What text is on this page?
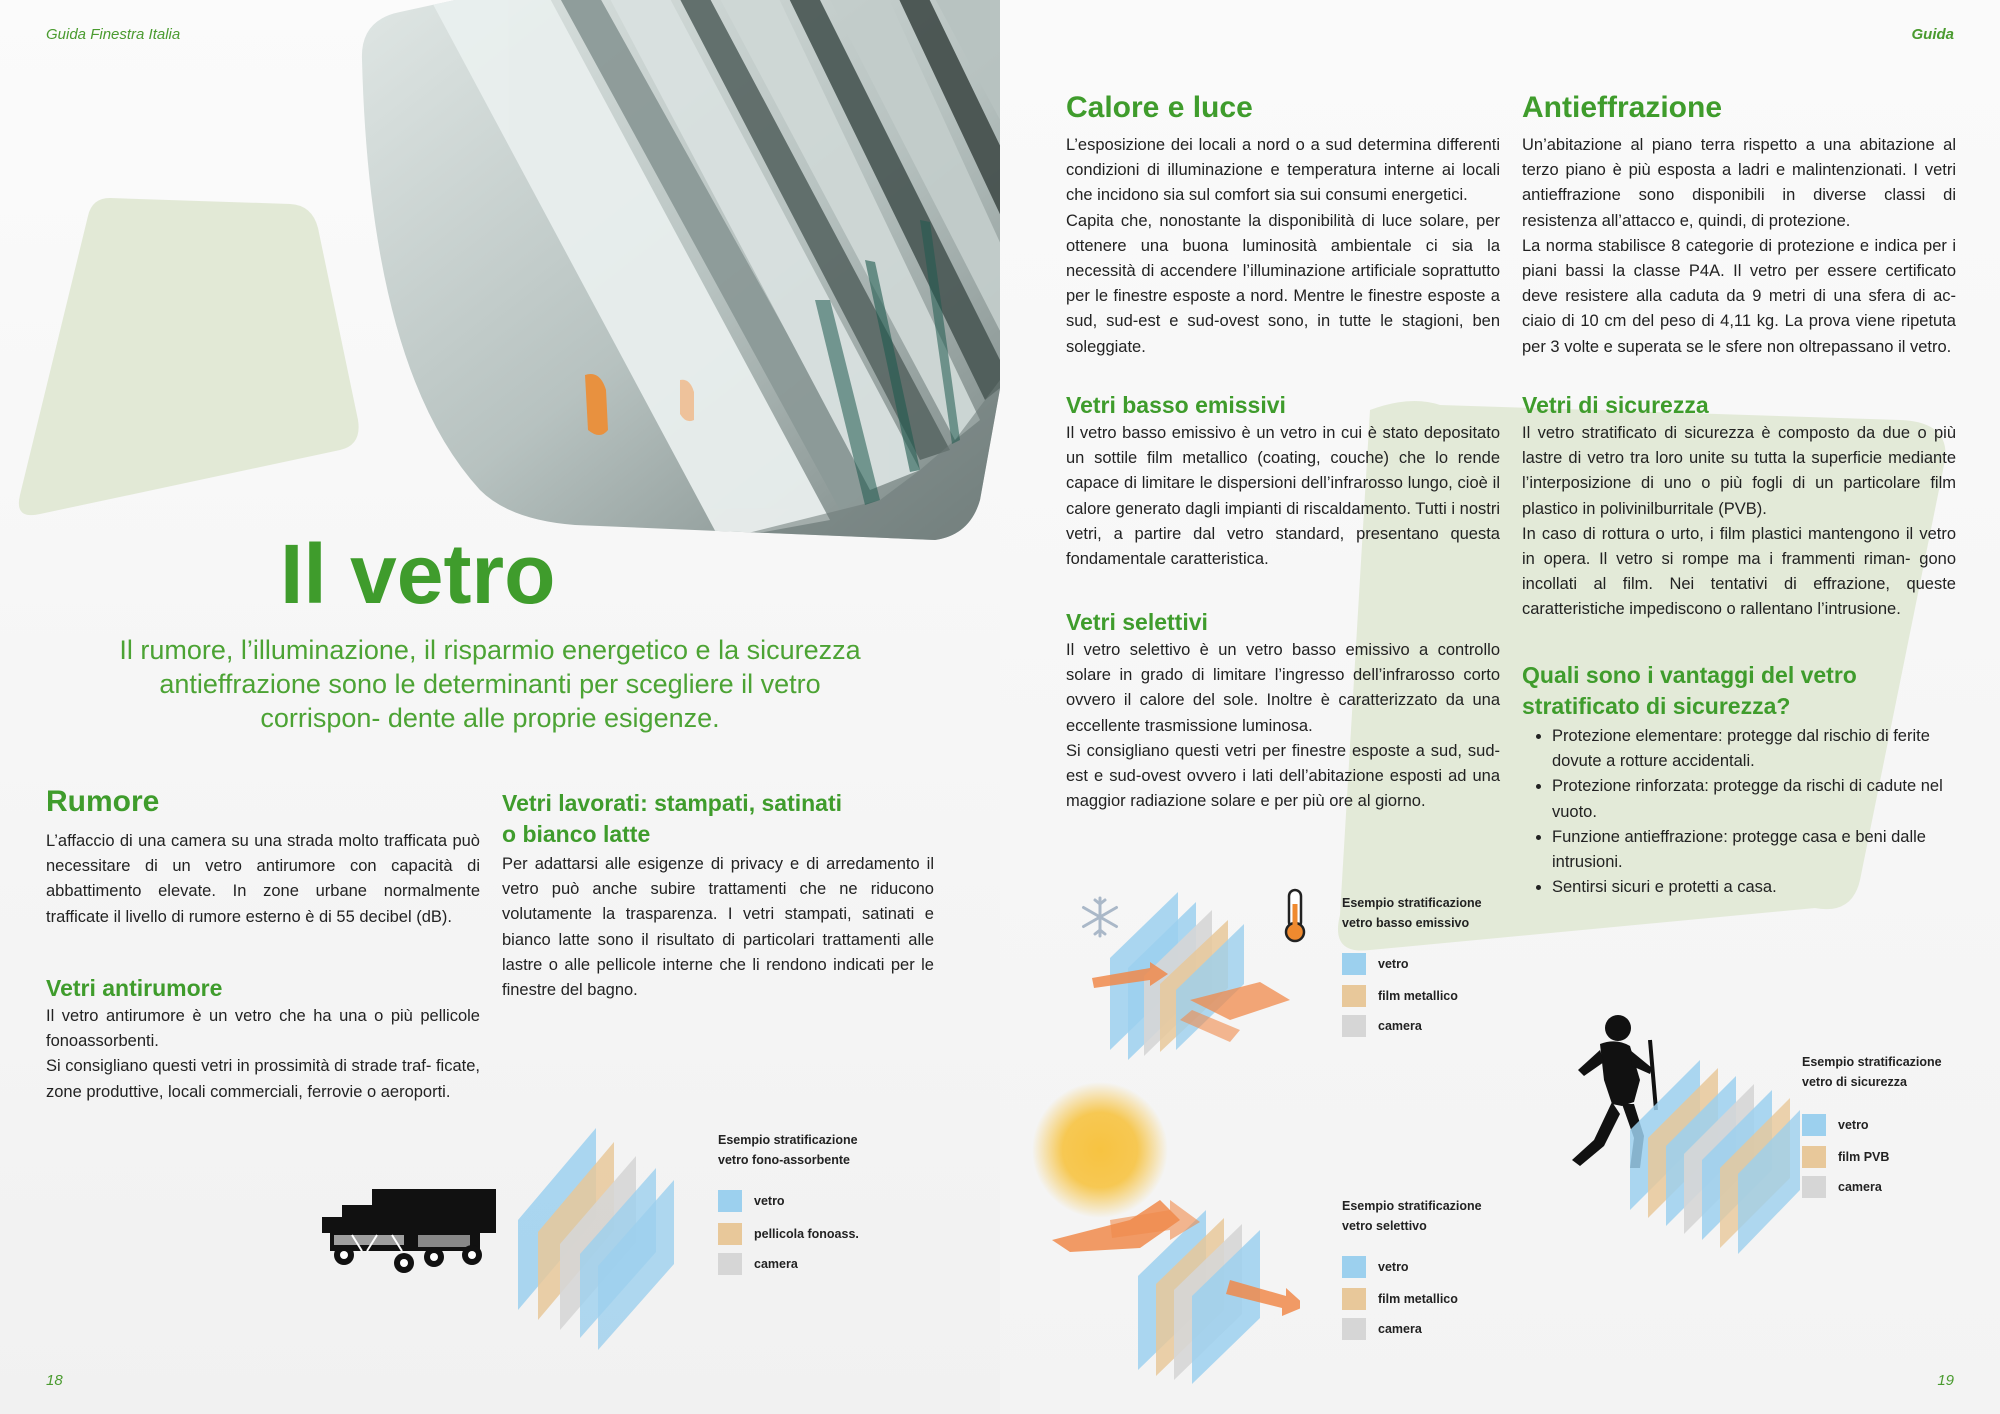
Guida Finestra Italia
Il vetro
Il rumore, l’illuminazione, il risparmio energetico e la sicurezza antieffrazione sono le determinanti per scegliere il vetro corrispon- dente alle proprie esigenze.
Rumore
L’affaccio di una camera su una strada molto trafficata può necessitare di un vetro antirumore con capacità di abbattimento elevate. In zone urbane normalmente trafficate il livello di rumore esterno è di 55 decibel (dB).
Vetri antirumore

Il vetro antirumore è un vetro che ha una o più pellicole fonoassorbenti.

Si consigliano questi vetri in prossimità di strade traf- ficate, zone produttive, locali commerciali, ferrovie o aeroporti.

Vetri lavorati: stampati, satinati o bianco latte
Per adattarsi alle esigenze di privacy e di arredamento il vetro può anche subire trattamenti che ne riducono volutamente la trasparenza. I vetri stampati, satinati e bianco latte sono il risultato di particolari trattamenti alle lastre o alle pellicole interne che li rendono indicati per le finestre del bagno.
Esempio stratificazione
vetro fono-assorbente
vetro
pellicola fonoass.
camera
18
Guida
Calore e luce

L’esposizione dei locali a nord o a sud determina differenti condizioni di illuminazione e temperatura interne ai locali che incidono sia sul comfort sia sui consumi energetici.

Capita che, nonostante la disponibilità di luce solare, per ottenere una buona luminosità ambientale ci sia la necessità di accendere l’illuminazione artificiale soprattutto per le finestre esposte a nord. Mentre le finestre esposte a sud, sud-est e sud-ovest sono, in tutte le stagioni, ben soleggiate.

Vetri basso emissivi
Il vetro basso emissivo è un vetro in cui è stato depositato un sottile film metallico (coating, couche) che lo rende capace di limitare le dispersioni dell’infrarosso lungo, cioè il calore generato dagli impianti di riscaldamento. Tutti i nostri vetri, a partire dal vetro standard, presentano questa fondamentale caratteristica.
Vetri selettivi

Il vetro selettivo è un vetro basso emissivo a controllo solare in grado di limitare l’ingresso dell’infrarosso corto ovvero il calore del sole. Inoltre è caratterizzato da una eccellente trasmissione luminosa.

Si consigliano questi vetri per finestre esposte a sud, sud- est e sud-ovest ovvero i lati dell’abitazione esposti ad una maggior radiazione solare e per più ore al giorno.

Antieffrazione

Un’abitazione al piano terra rispetto a una abitazione al terzo piano è più esposta a ladri e malintenzionati. I vetri antieffrazione sono disponibili in diverse classi di resistenza all’attacco e, quindi, di protezione.

La norma stabilisce 8 categorie di protezione e indica per i piani bassi la classe P4A. Il vetro per essere certificato deve resistere alla caduta da 9 metri di una sfera di ac- ciaio di 10 cm del peso di 4,11 kg. La prova viene ripetuta per 3 volte e superata se le sfere non oltrepassano il vetro.

Vetri di sicurezza

Il vetro stratificato di sicurezza è composto da due o più lastre di vetro tra loro unite su tutta la superficie mediante l’interposizione di uno o più fogli di un particolare film plastico in polivinilburritale (PVB).

In caso di rottura o urto, i film plastici mantengono il vetro in opera. Il vetro si rompe ma i frammenti riman- gono incollati al film. Nei tentativi di effrazione, queste caratteristiche impediscono o rallentano l’intrusione.

Quali sono i vantaggi del vetro stratificato di sicurezza?
• Protezione elementare: protegge dal rischio di ferite dovute a rotture accidentali.
• Protezione rinforzata: protegge da rischi di cadute nel vuoto.
• Funzione antieffrazione: protegge casa e beni dalle intrusioni.
• Sentirsi sicuri e protetti a casa.
Esempio stratificazione
vetro basso emissivo
vetro
film metallico
camera
Esempio stratificazione
vetro selettivo
vetro
film metallico
camera
Esempio stratificazione
vetro di sicurezza
vetro
film PVB
camera
19
